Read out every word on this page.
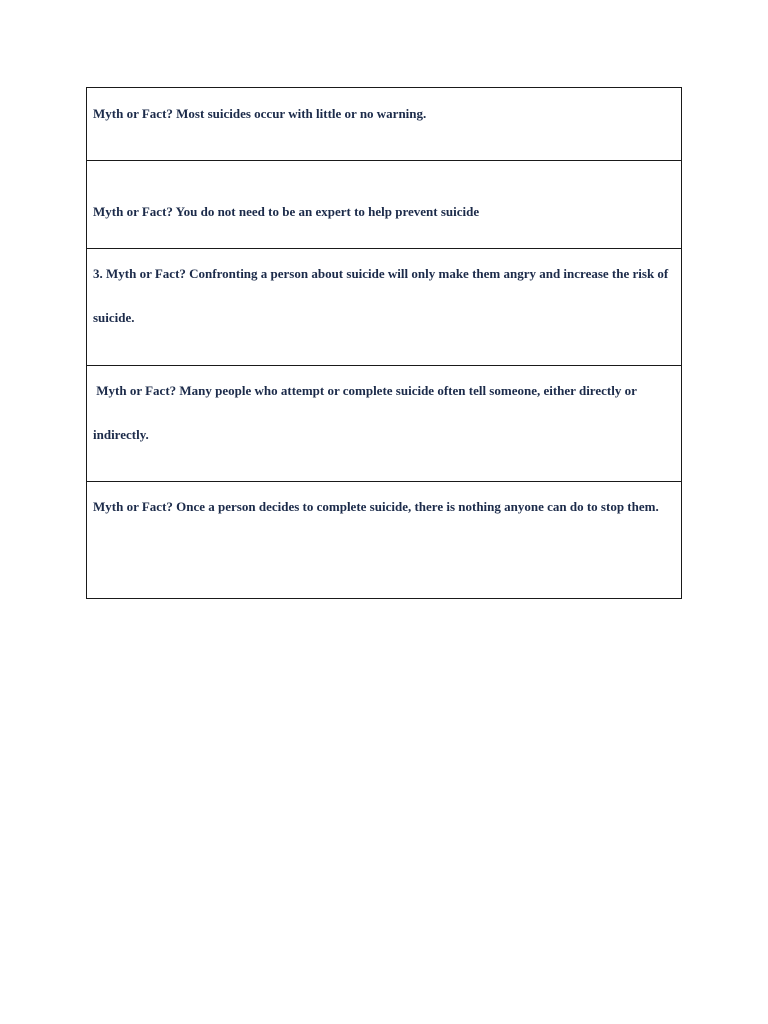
Myth or Fact? Most suicides occur with little or no warning.
Myth or Fact? You do not need to be an expert to help prevent suicide
3. Myth or Fact? Confronting a person about suicide will only make them angry and increase the risk of suicide.
Myth or Fact? Many people who attempt or complete suicide often tell someone, either directly or indirectly.
Myth or Fact? Once a person decides to complete suicide, there is nothing anyone can do to stop them.
